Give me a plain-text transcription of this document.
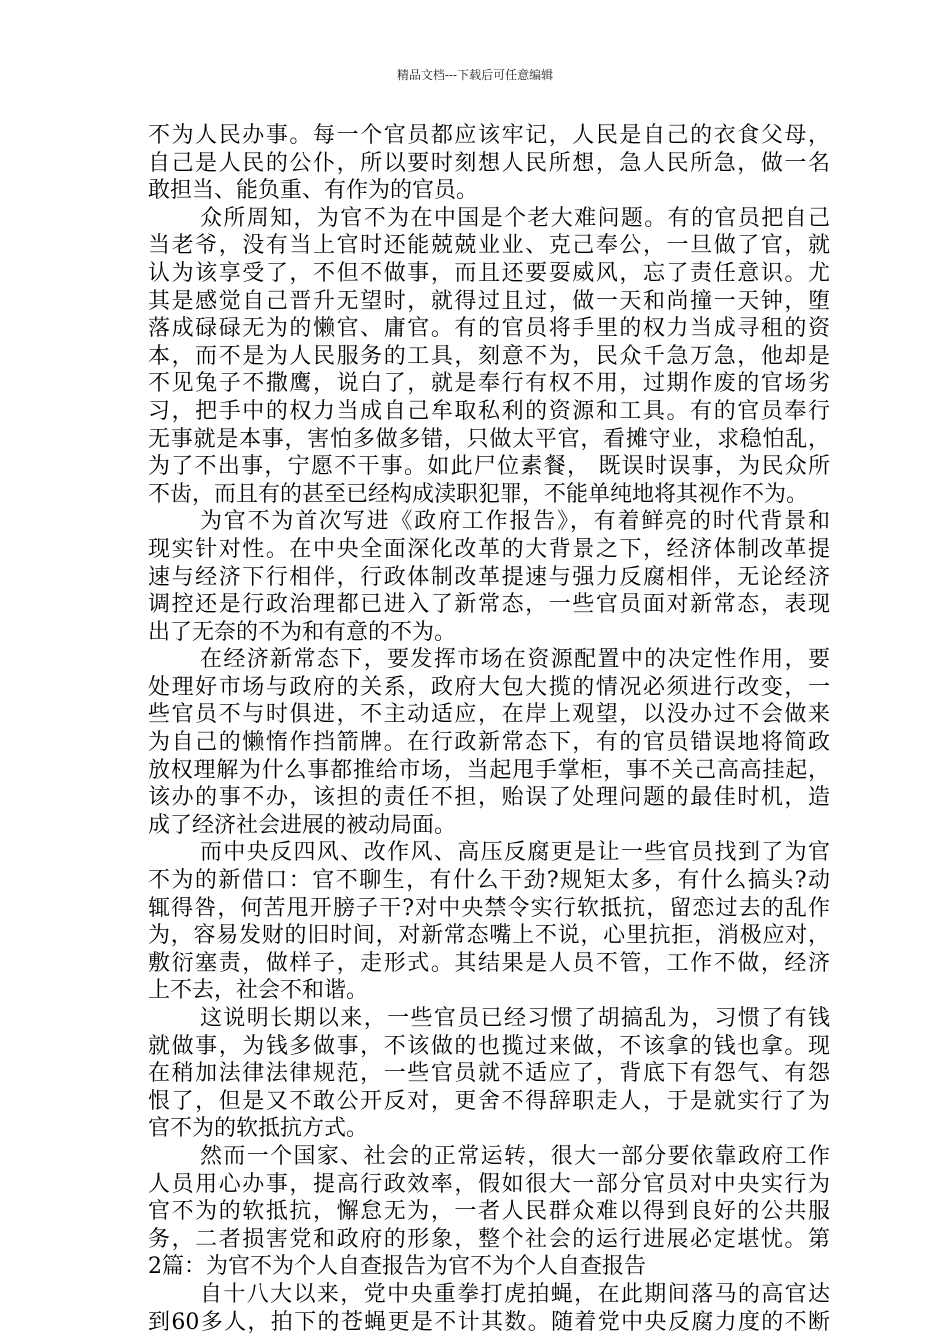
精品文档---下载后可任意编辑
不为人民办事。每一个官员都应该牢记，人民是自己的衣食父母，
自己是人民的公仆，所以要时刻想人民所想，急人民所急，做一名
敢担当、能负重、有作为的官员。
众所周知，为官不为在中国是个老大难问题。有的官员把自己
当老爷，没有当上官时还能兢兢业业、克己奉公，一旦做了官，就
认为该享受了，不但不做事，而且还要耍威风，忘了责任意识。尤
其是感觉自己晋升无望时，就得过且过，做一天和尚撞一天钟，堕
落成碌碌无为的懒官、庸官。有的官员将手里的权力当成寻租的资
本，而不是为人民服务的工具，刻意不为，民众千急万急，他却是
不见兔子不撒鹰，说白了，就是奉行有权不用，过期作废的官场劣
习，把手中的权力当成自己牟取私利的资源和工具。有的官员奉行
无事就是本事，害怕多做多错，只做太平官，看摊守业，求稳怕乱，
为了不出事，宁愿不干事。如此尸位素餐， 既误时误事，为民众所
不齿，而且有的甚至已经构成渎职犯罪，不能单纯地将其视作不为。
为官不为首次写进《政府工作报告》，有着鲜亮的时代背景和
现实针对性。在中央全面深化改革的大背景之下，经济体制改革提
速与经济下行相伴，行政体制改革提速与强力反腐相伴，无论经济
调控还是行政治理都已进入了新常态，一些官员面对新常态，表现
出了无奈的不为和有意的不为。
在经济新常态下，要发挥市场在资源配置中的决定性作用，要
处理好市场与政府的关系，政府大包大揽的情况必须进行改变，一
些官员不与时俱进，不主动适应，在岸上观望，以没办过不会做来
为自己的懒惰作挡箭牌。在行政新常态下，有的官员错误地将简政
放权理解为什么事都推给市场，当起甩手掌柜，事不关己高高挂起，
该办的事不办，该担的责任不担，贻误了处理问题的最佳时机，造
成了经济社会进展的被动局面。
而中央反四风、改作风、高压反腐更是让一些官员找到了为官
不为的新借口：官不聊生，有什么干劲?规矩太多，有什么搞头?动
辄得咎，何苦甩开膀子干?对中央禁令实行软抵抗，留恋过去的乱作
为，容易发财的旧时间，对新常态嘴上不说，心里抗拒，消极应对，
敷衍塞责，做样子，走形式。其结果是人员不管，工作不做，经济
上不去，社会不和谐。
这说明长期以来，一些官员已经习惯了胡搞乱为，习惯了有钱
就做事，为钱多做事，不该做的也揽过来做，不该拿的钱也拿。现
在稍加法律法律规范，一些官员就不适应了，背底下有怨气、有怨
恨了，但是又不敢公开反对，更舍不得辞职走人，于是就实行了为
官不为的软抵抗方式。
然而一个国家、社会的正常运转，很大一部分要依靠政府工作
人员用心办事，提高行政效率，假如很大一部分官员对中央实行为
官不为的软抵抗，懈怠无为，一者人民群众难以得到良好的公共服
务，二者损害党和政府的形象，整个社会的运行进展必定堪忧。第
2篇：为官不为个人自查报告为官不为个人自查报告
自十八大以来，党中央重拳打虎拍蝇，在此期间落马的高官达
到60多人，拍下的苍蝇更是不计其数。随着党中央反腐力度的不断
